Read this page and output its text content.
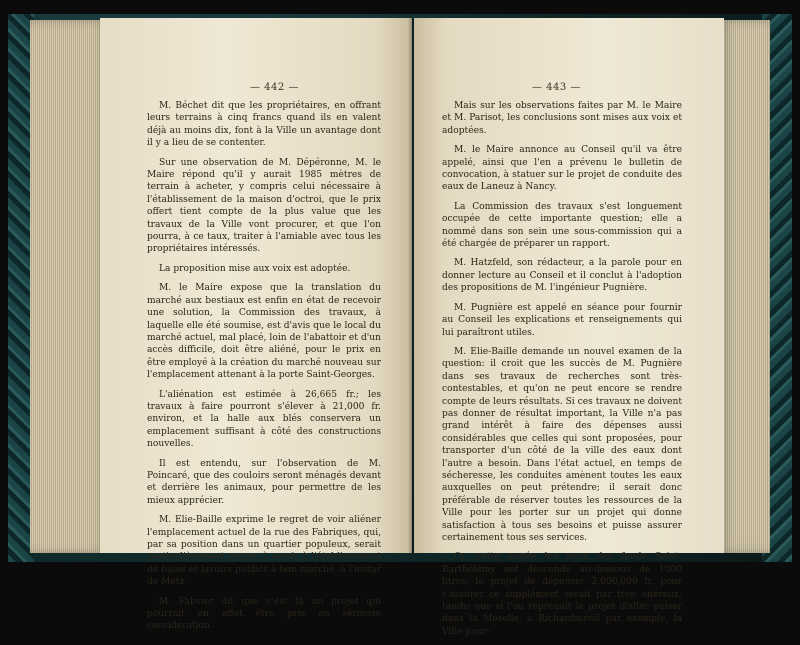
— 442 —

M. Béchet dit que les propriétaires, en offrant leurs terrains à cinq francs quand ils en valent déjà au moins dix, font à la Ville un avantage dont il y a lieu de se contenter.

Sur une observation de M. Dépéronne, M. le Maire répond qu'il y aurait 1985 mètres de terrain à acheter, y compris celui nécessaire à l'établissement de la maison d'octroi, que le prix offert tient compte de la plus value que les travaux de la Ville vont procurer, et que l'on pourra, à ce taux, traiter à l'amiable avec tous les propriétaires intéressés.

La proposition mise aux voix est adoptée.

M. le Maire expose que la translation du marché aux bestiaux est enfin en état de recevoir une solution, la Commission des travaux, à laquelle elle été soumise, est d'avis que le local du marché actuel, mal placé, loin de l'abattoir et d'un accès difficile, doit être aliéné, pour le prix en être employé à la création du marché nouveau sur l'emplacement attenant à la porte Saint-Georges.

L'aliénation est estimée à 26,665 fr.; les travaux à faire pourront s'élever à 21,000 fr. environ, et la halle aux blés conservera un emplacement suffisant à côté des constructions nouvelles.

Il est entendu, sur l'observation de M. Poincaré, que des couloirs seront ménagés devant et derrière les animaux, pour permettre de les mieux apprécier.

M. Elie-Baille exprime le regret de voir aliéner l'emplacement actuel de la rue des Fabriques, qui, par sa position dans un quartier populeux, serait particulièrement propre à servir à l'établissement de bains et lavoirs publics à bon marché, à l'instar de Metz.

M. Fabvier dit que c'est là un projet qui pourrait en effet être pris en sérieuse considération.

— 443 —

Mais sur les observations faites par M. le Maire et M. Parisot, les conclusions sont mises aux voix et adoptées.

M. le Maire annonce au Conseil qu'il va être appelé, ainsi que l'en a prévenu le bulletin de convocation, à statuer sur le projet de conduite des eaux de Laneuz à Nancy.

La Commission des travaux s'est longuement occupée de cette importante question; elle a nommé dans son sein une sous-commission qui a été chargée de préparer un rapport.

M. Hatzfeld, son rédacteur, a la parole pour en donner lecture au Conseil et il conclut à l'adoption des propositions de M. l'ingénieur Pugnière.

M. Pugnière est appelé en séance pour fournir au Conseil les explications et renseignements qui lui paraîtront utiles.

M. Elie-Baille demande un nouvel examen de la question: il croit que les succès de M. Pugnière dans ses travaux de recherches sont très-contestables, et qu'on ne peut encore se rendre compte de leurs résultats. Si ces travaux ne doivent pas donner de résultat important, la Ville n'a pas grand intérêt à faire des dépenses aussi considérables que celles qui sont proposées, pour transporter d'un côté de la ville des eaux dont l'autre a besoin. Dans l'état actuel, en temps de sécheresse, les conduites amènent toutes les eaux auxquelles on peut prétendre; il serait donc préférable de réserver toutes les ressources de la Ville pour les porter sur un projet qui donne satisfaction à tous ses besoins et puisse assurer certainement tous ses services.

Or, cette année les eaux des fonds Saint-Barthélémy ont descendu au-dessous de 1000 litres; le projet de dépenser 2,000,000 fr. pour s'assurer ce supplément serait par trop onéreux, tandis que si l'on reprenait le projet d'aller puiser dans la Moselle, à Richardménil par exemple, la Ville pour-
